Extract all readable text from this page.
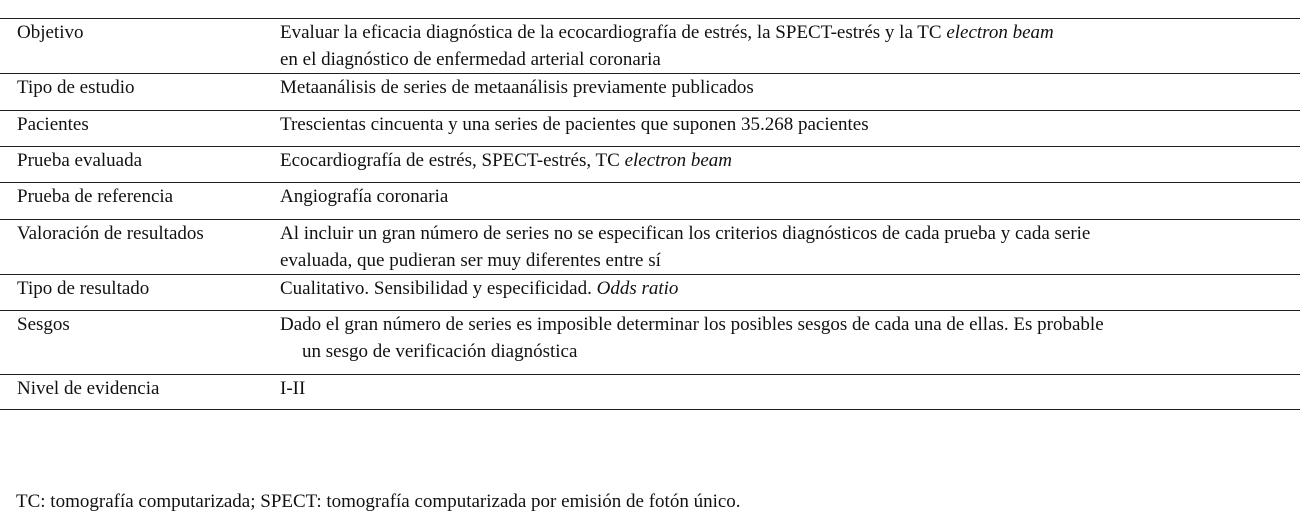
Objetivo	Evaluar la eficacia diagnóstica de la ecocardiografía de estrés, la SPECT-estrés y la TC electron beam
en el diagnóstico de enfermedad arterial coronaria
Tipo de estudio	Metaanálisis de series de metaanálisis previamente publicados
Pacientes	Trescientas cincuenta y una series de pacientes que suponen 35.268 pacientes
Prueba evaluada	Ecocardiografía de estrés, SPECT-estrés, TC electron beam
Prueba de referencia	Angiografía coronaria
Valoración de resultados	Al incluir un gran número de series no se especifican los criterios diagnósticos de cada prueba y cada serie
evaluada, que pudieran ser muy diferentes entre sí
Tipo de resultado	Cualitativo. Sensibilidad y especificidad. Odds ratio
Sesgos	Dado el gran número de series es imposible determinar los posibles sesgos de cada una de ellas. Es probable
un sesgo de verificación diagnóstica
Nivel de evidencia	I-II
TC: tomografía computarizada; SPECT: tomografía computarizada por emisión de fotón único.
